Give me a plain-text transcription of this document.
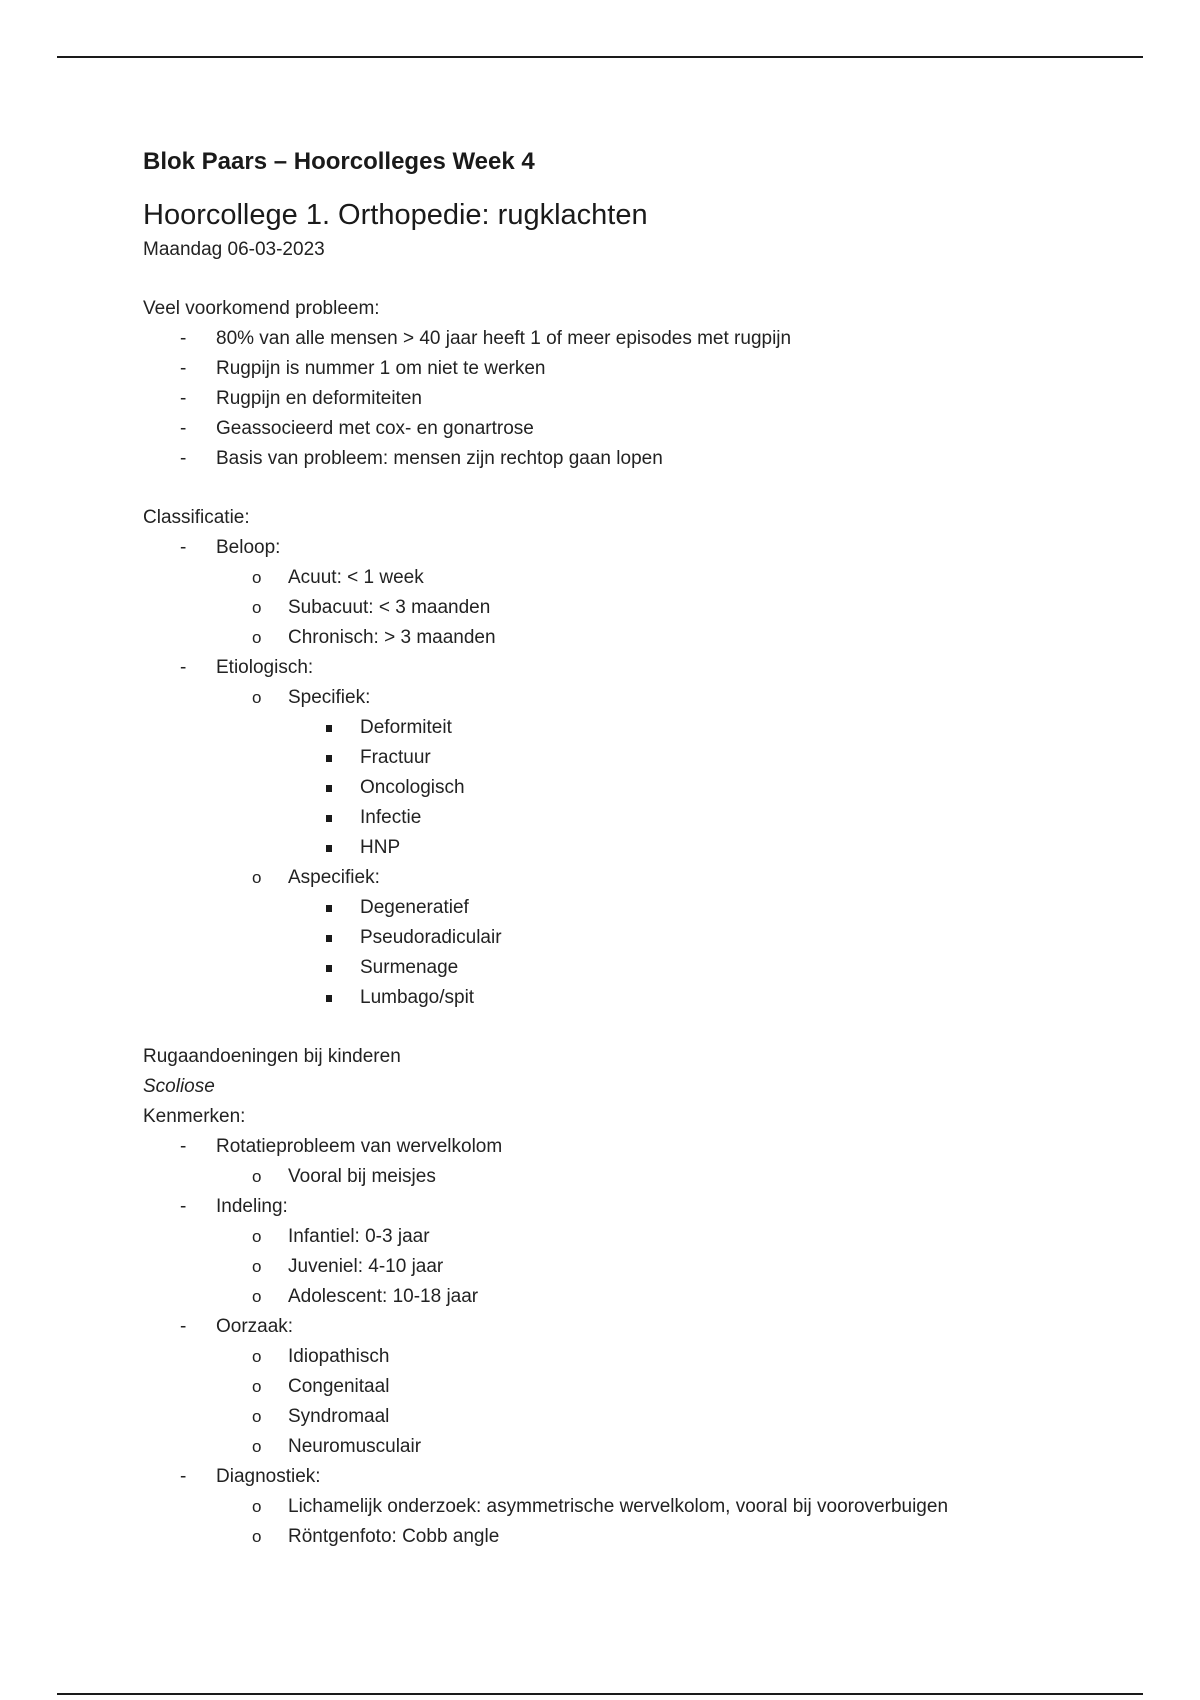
Blok Paars – Hoorcolleges Week 4
Hoorcollege 1. Orthopedie: rugklachten
Maandag 06-03-2023
Veel voorkomend probleem:
- 80% van alle mensen > 40 jaar heeft 1 of meer episodes met rugpijn
- Rugpijn is nummer 1 om niet te werken
- Rugpijn en deformiteiten
- Geassocieerd met cox- en gonartrose
- Basis van probleem: mensen zijn rechtop gaan lopen
Classificatie:
- Beloop:
o Acuut: < 1 week
o Subacuut: < 3 maanden
o Chronisch: > 3 maanden
- Etiologisch:
o Specifiek:
Deformiteit
Fractuur
Oncologisch
Infectie
HNP
o Aspecifiek:
Degeneratief
Pseudoradiculair
Surmenage
Lumbago/spit
Rugaandoeningen bij kinderen
Scoliose
Kenmerken:
- Rotatieprobleem van wervelkolom
o Vooral bij meisjes
- Indeling:
o Infantiel: 0-3 jaar
o Juveniel: 4-10 jaar
o Adolescent: 10-18 jaar
- Oorzaak:
o Idiopathisch
o Congenitaal
o Syndromaal
o Neuromusculair
- Diagnostiek:
o Lichamelijk onderzoek: asymmetrische wervelkolom, vooral bij vooroverbuigen
o Röntgenfoto: Cobb angle
